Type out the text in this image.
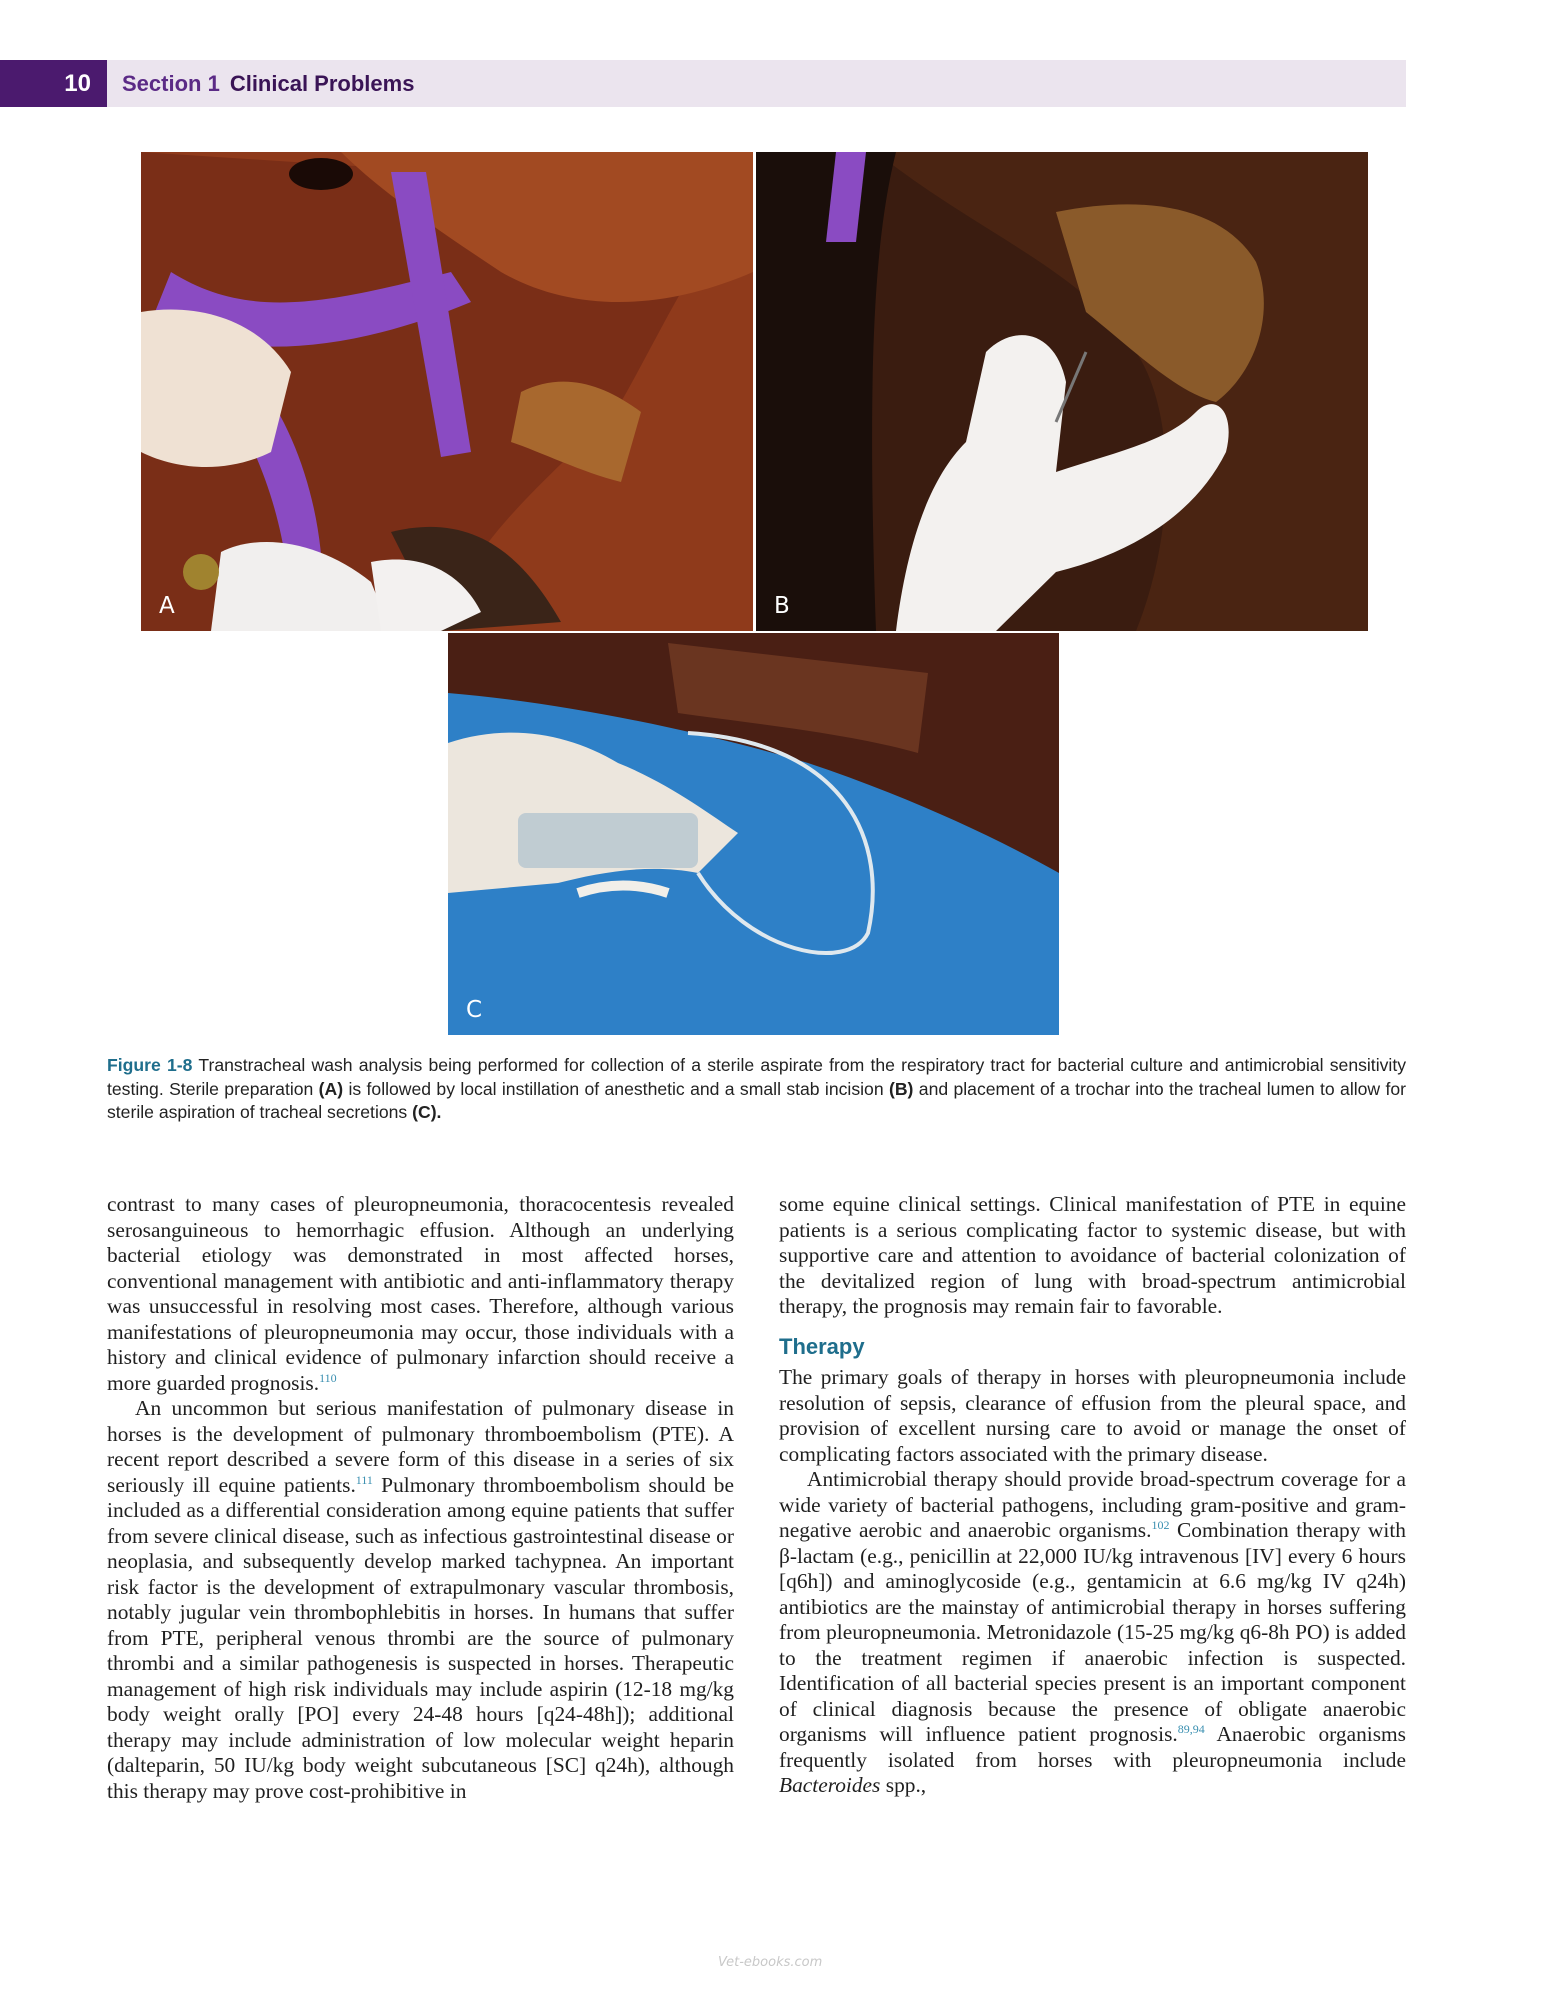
10	Section 1 Clinical Problems
A	B
C
Figure 1-8 Transtracheal wash analysis being performed for collection of a sterile aspirate from the respiratory tract for bacterial culture and antimicrobial sensitivity testing. Sterile preparation (A) is followed by local instillation of anesthetic and a small stab incision (B) and placement of a trochar into the tracheal lumen to allow for sterile aspiration of tracheal secretions (C).

contrast to many cases of pleuropneumonia, thoracocentesis revealed serosanguineous to hemorrhagic effusion. Although an underlying bacterial etiology was demonstrated in most affected horses, conventional management with antibiotic and anti-inflammatory therapy was unsuccessful in resolving most cases. Therefore, although various manifestations of pleuropneumonia may occur, those individuals with a history and clinical evidence of pulmonary infarction should receive a more guarded prognosis.$^{110}$

An uncommon but serious manifestation of pulmonary disease in horses is the development of pulmonary thromboembolism (PTE). A recent report described a severe form of this disease in a series of six seriously ill equine patients.$^{111}$ Pulmonary thromboembolism should be included as a differential consideration among equine patients that suffer from severe clinical disease, such as infectious gastrointestinal disease or neoplasia, and subsequently develop marked tachypnea. An important risk factor is the development of extrapulmonary vascular thrombosis, notably jugular vein thrombophlebitis in horses. In humans that suffer from PTE, peripheral venous thrombi are the source of pulmonary thrombi and a similar pathogenesis is suspected in horses. Therapeutic management of high risk individuals may include aspirin (12-18 mg/kg body weight orally [PO] every 24-48 hours [q24-48h]); additional therapy may include administration of low molecular weight heparin (dalteparin, 50 IU/kg body weight subcutaneous [SC] q24h), although this therapy may prove cost-prohibitive in

some equine clinical settings. Clinical manifestation of PTE in equine patients is a serious complicating factor to systemic disease, but with supportive care and attention to avoidance of bacterial colonization of the devitalized region of lung with broad-spectrum antimicrobial therapy, the prognosis may remain fair to favorable.

Therapy

The primary goals of therapy in horses with pleuropneumonia include resolution of sepsis, clearance of effusion from the pleural space, and provision of excellent nursing care to avoid or manage the onset of complicating factors associated with the primary disease.

Antimicrobial therapy should provide broad-spectrum coverage for a wide variety of bacterial pathogens, including gram-positive and gram-negative aerobic and anaerobic organisms.$^{102}$ Combination therapy with β-lactam (e.g., penicillin at 22,000 IU/kg intravenous [IV] every 6 hours [q6h]) and aminoglycoside (e.g., gentamicin at 6.6 mg/kg IV q24h) antibiotics are the mainstay of antimicrobial therapy in horses suffering from pleuropneumonia. Metronidazole (15-25 mg/kg q6-8h PO) is added to the treatment regimen if anaerobic infection is suspected. Identification of all bacterial species present is an important component of clinical diagnosis because the presence of obligate anaerobic organisms will influence patient prognosis.$^{89,94}$ Anaerobic organisms frequently isolated from horses with pleuropneumonia include Bacteroides spp.,

Vet-ebooks.com
